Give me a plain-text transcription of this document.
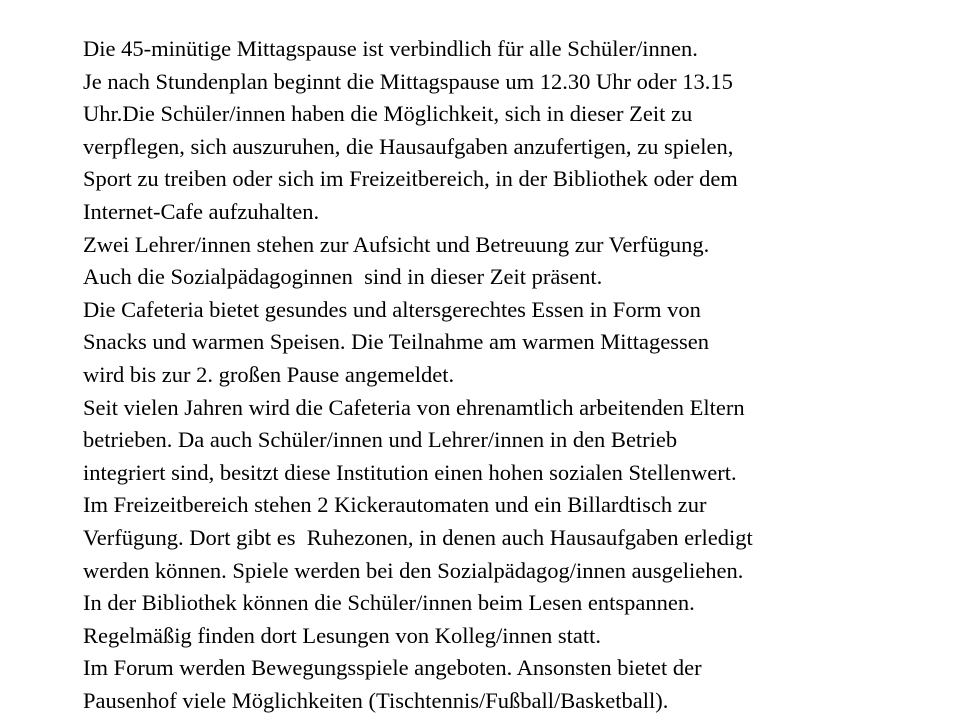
Die 45-minütige Mittagspause ist verbindlich für alle Schüler/innen.
Je nach Stundenplan beginnt die Mittagspause um 12.30 Uhr oder 13.15
Uhr.Die Schüler/innen haben die Möglichkeit, sich in dieser Zeit zu
verpflegen, sich auszuruhen, die Hausaufgaben anzufertigen, zu spielen,
Sport zu treiben oder sich im Freizeitbereich, in der Bibliothek oder dem
Internet-Cafe aufzuhalten.
Zwei Lehrer/innen stehen zur Aufsicht und Betreuung zur Verfügung.
Auch die Sozialpädagoginnen  sind in dieser Zeit präsent.
Die Cafeteria bietet gesundes und altersgerechtes Essen in Form von
Snacks und warmen Speisen. Die Teilnahme am warmen Mittagessen
wird bis zur 2. großen Pause angemeldet.
Seit vielen Jahren wird die Cafeteria von ehrenamtlich arbeitenden Eltern
betrieben. Da auch Schüler/innen und Lehrer/innen in den Betrieb
integriert sind, besitzt diese Institution einen hohen sozialen Stellenwert.
Im Freizeitbereich stehen 2 Kickerautomaten und ein Billardtisch zur
Verfügung. Dort gibt es  Ruhezonen, in denen auch Hausaufgaben erledigt
werden können. Spiele werden bei den Sozialpädagog/innen ausgeliehen.
In der Bibliothek können die Schüler/innen beim Lesen entspannen.
Regelmäßig finden dort Lesungen von Kolleg/innen statt.
Im Forum werden Bewegungsspiele angeboten. Ansonsten bietet der
Pausenhof viele Möglichkeiten (Tischtennis/Fußball/Basketball).
